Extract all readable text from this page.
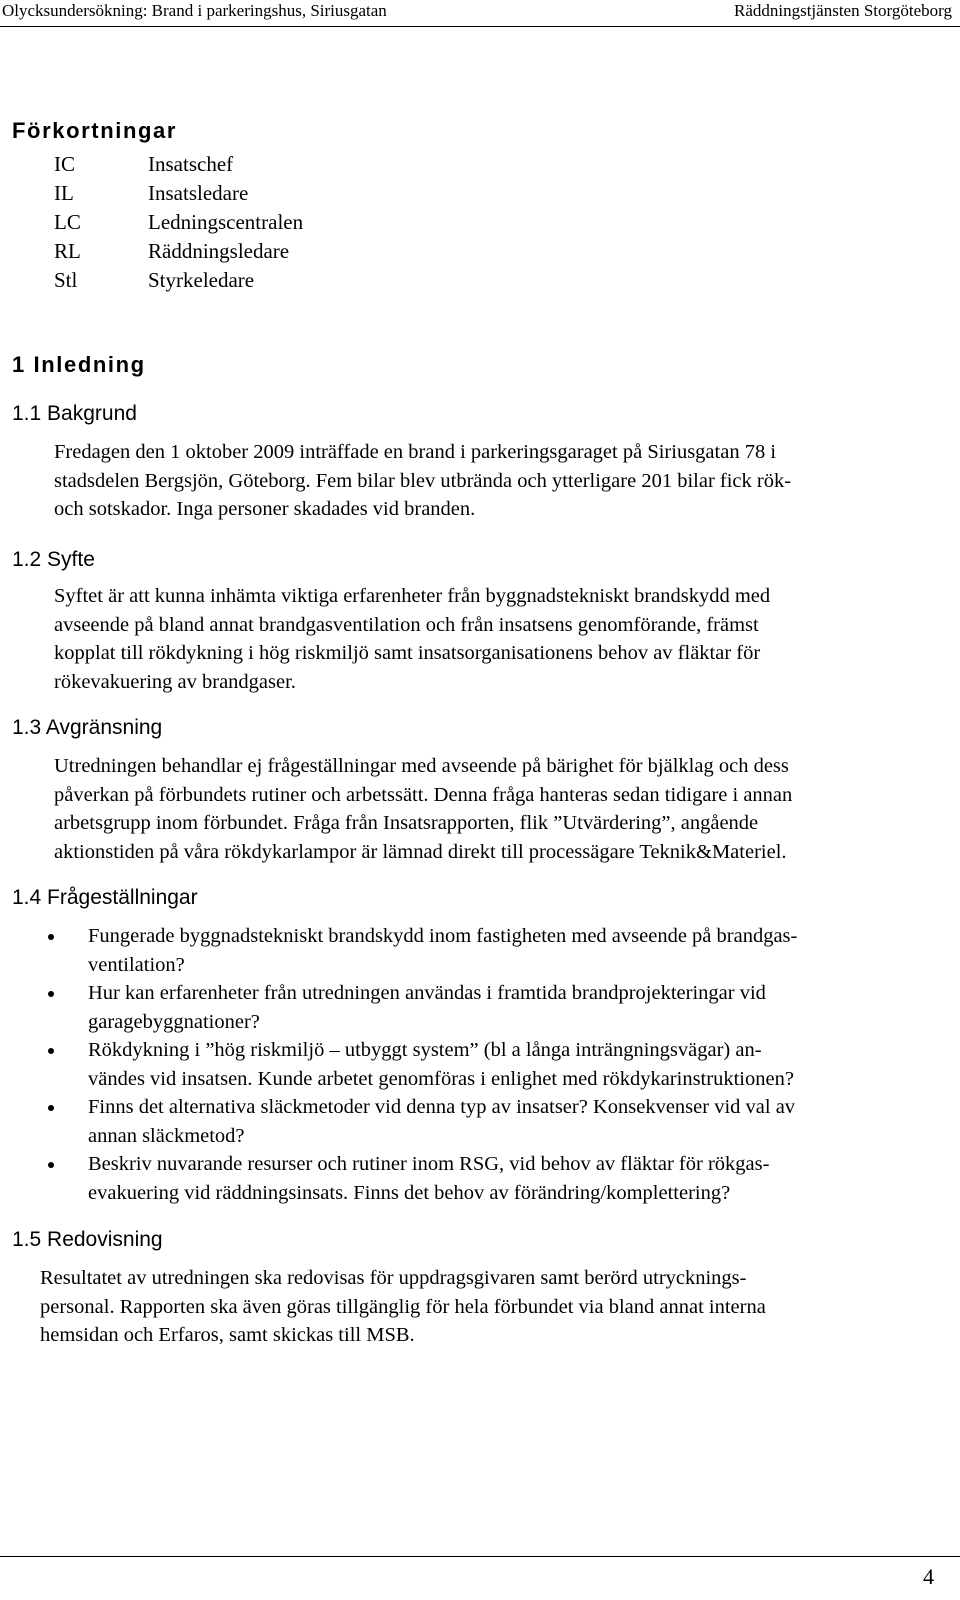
Olycksundersökning: Brand i parkeringshus, Siriusgatan	Räddningstjänsten Storgöteborg
Förkortningar
IC	Insatschef
IL	Insatsledare
LC	Ledningscentralen
RL	Räddningsledare
Stl	Styrkeledare
1 Inledning
1.1 Bakgrund
Fredagen den 1 oktober 2009 inträffade en brand i parkeringsgaraget på Siriusgatan 78 i
stadsdelen Bergsjön, Göteborg. Fem bilar blev utbrända och ytterligare 201 bilar fick rök-
och sotskador. Inga personer skadades vid branden.
1.2 Syfte
Syftet är att kunna inhämta viktiga erfarenheter från byggnadstekniskt brandskydd med
avseende på bland annat brandgasventilation och från insatsens genomförande, främst
kopplat till rökdykning i hög riskmiljö samt insatsorganisationens behov av fläktar för
rökevakuering av brandgaser.
1.3 Avgränsning
Utredningen behandlar ej frågeställningar med avseende på bärighet för bjälklag och dess
påverkan på förbundets rutiner och arbetssätt. Denna fråga hanteras sedan tidigare i annan
arbetsgrupp inom förbundet. Fråga från Insatsrapporten, flik ”Utvärdering”, angående
aktionstiden på våra rökdykarlampor är lämnad direkt till processägare Teknik&Materiel.
1.4 Frågeställningar
Fungerade byggnadstekniskt brandskydd inom fastigheten med avseende på brandgas-
ventilation?
Hur kan erfarenheter från utredningen användas i framtida brandprojekteringar vid
garagebyggnationer?
Rökdykning i ”hög riskmiljö – utbyggt system” (bl a långa inträngningsvägar) an-
vändes vid insatsen. Kunde arbetet genomföras i enlighet med rökdykarinstruktionen?
Finns det alternativa släckmetoder vid denna typ av insatser? Konsekvenser vid val av
annan släckmetod?
Beskriv nuvarande resurser och rutiner inom RSG, vid behov av fläktar för rökgas-
evakuering vid räddningsinsats. Finns det behov av förändring/komplettering?
1.5 Redovisning
Resultatet av utredningen ska redovisas för uppdragsgivaren samt berörd utrycknings-
personal. Rapporten ska även göras tillgänglig för hela förbundet via bland annat interna
hemsidan och Erfaros, samt skickas till MSB.
4
